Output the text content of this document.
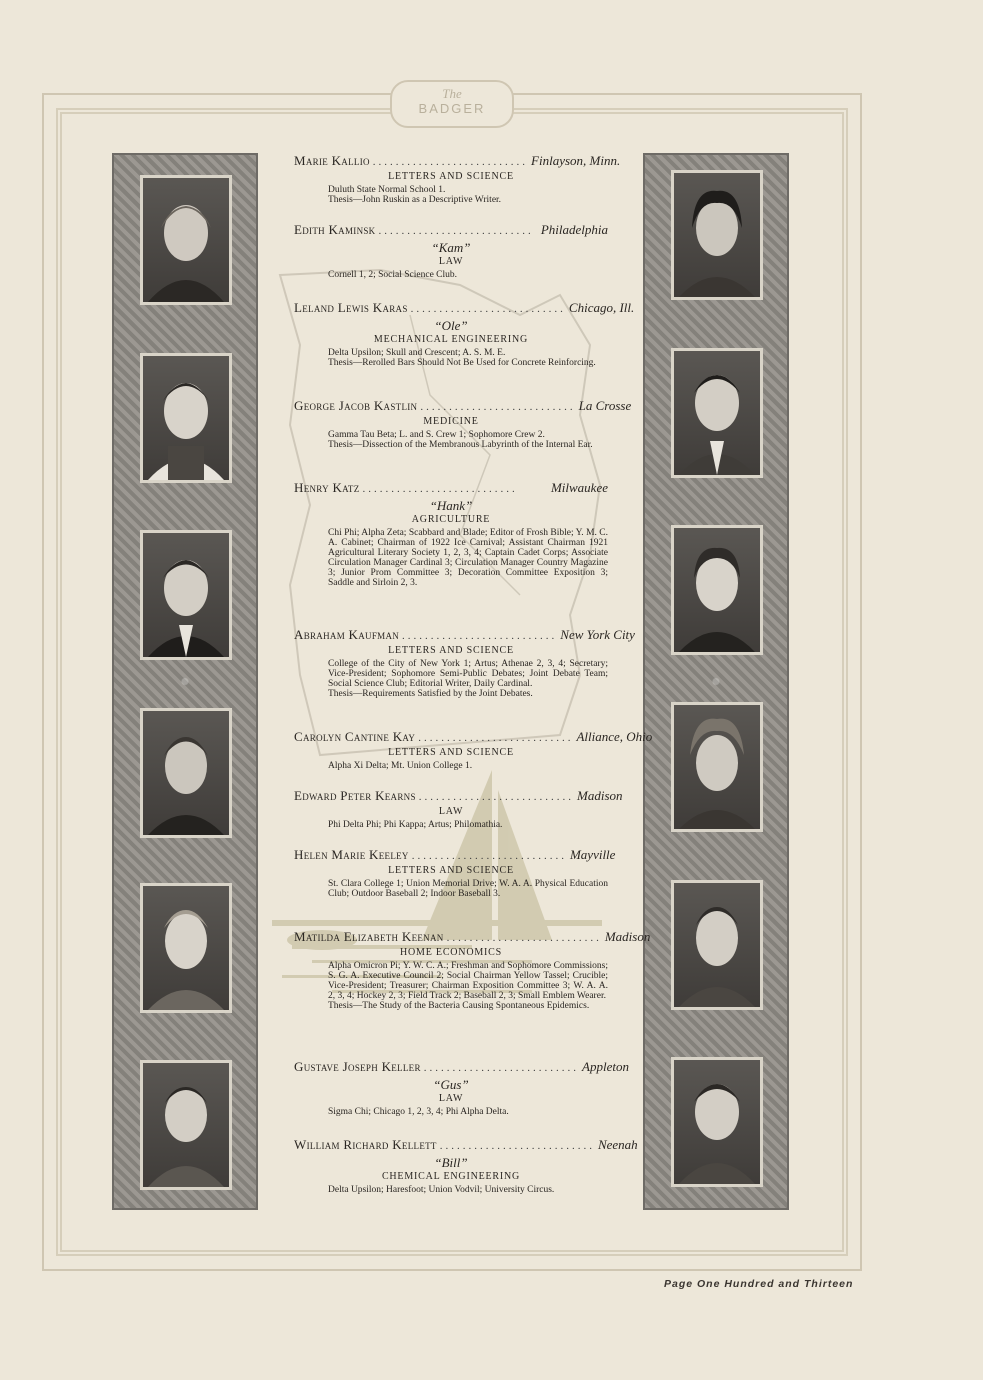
The
BADGER
Marie Kallio ........................... Finlayson, Minn.
LETTERS AND SCIENCE
Duluth State Normal School 1.
Thesis—John Ruskin as a Descriptive Writer.
Edith Kaminsk ........................... Philadelphia
“Kam”
LAW
Cornell 1, 2; Social Science Club.
Leland Lewis Karas ........................... Chicago, Ill.
“Ole”
MECHANICAL ENGINEERING
Delta Upsilon; Skull and Crescent; A. S. M. E.
Thesis—Rerolled Bars Should Not Be Used for Concrete Reinforcing.
George Jacob Kastlin ........................... La Crosse
MEDICINE
Gamma Tau Beta; L. and S. Crew 1; Sophomore Crew 2.
Thesis—Dissection of the Membranous Labyrinth of the Internal Ear.
Henry Katz ...........................	Milwaukee
“Hank”
AGRICULTURE
Chi Phi; Alpha Zeta; Scabbard and Blade; Editor of Frosh Bible; Y. M. C. A. Cabinet; Chairman of 1922 Ice Carnival; Assistant Chairman 1921 Agricultural Literary Society 1, 2, 3, 4; Captain Cadet Corps; Associate Circulation Manager Cardinal 3; Circulation Manager Country Magazine 3; Junior Prom Committee 3; Decoration Committee Exposition 3; Saddle and Sirloin 2, 3.
Abraham Kaufman ........................... New York City
LETTERS AND SCIENCE
College of the City of New York 1; Artus; Athenae 2, 3, 4; Secretary; Vice-President; Sophomore Semi-Public Debates; Joint Debate Team; Social Science Club; Editorial Writer, Daily Cardinal.
Thesis—Requirements Satisfied by the Joint Debates.
Carolyn Cantine Kay ........................... Alliance, Ohio
LETTERS AND SCIENCE
Alpha Xi Delta; Mt. Union College 1.
Edward Peter Kearns ........................... Madison
LAW
Phi Delta Phi; Phi Kappa; Artus; Philomathia.
Helen Marie Keeley ........................... Mayville
LETTERS AND SCIENCE
St. Clara College 1; Union Memorial Drive; W. A. A. Physical Education Club; Outdoor Baseball 2; Indoor Baseball 3.
Matilda Elizabeth Keenan ........................... Madison
HOME ECONOMICS
Alpha Omicron Pi; Y. W. C. A.; Freshman and Sophomore Commissions; S. G. A. Executive Council 2; Social Chairman Yellow Tassel; Crucible; Vice-President; Treasurer; Chairman Exposition Committee 3; W. A. A. 2, 3, 4; Hockey 2, 3; Field Track 2; Baseball 2, 3; Small Emblem Wearer.
Thesis—The Study of the Bacteria Causing Spontaneous Epidemics.
Gustave Joseph Keller ........................... Appleton
“Gus”
LAW
Sigma Chi; Chicago 1, 2, 3, 4; Phi Alpha Delta.
William Richard Kellett ........................... Neenah
“Bill”
CHEMICAL ENGINEERING
Delta Upsilon; Haresfoot; Union Vodvil; University Circus.
Page One Hundred and Thirteen
